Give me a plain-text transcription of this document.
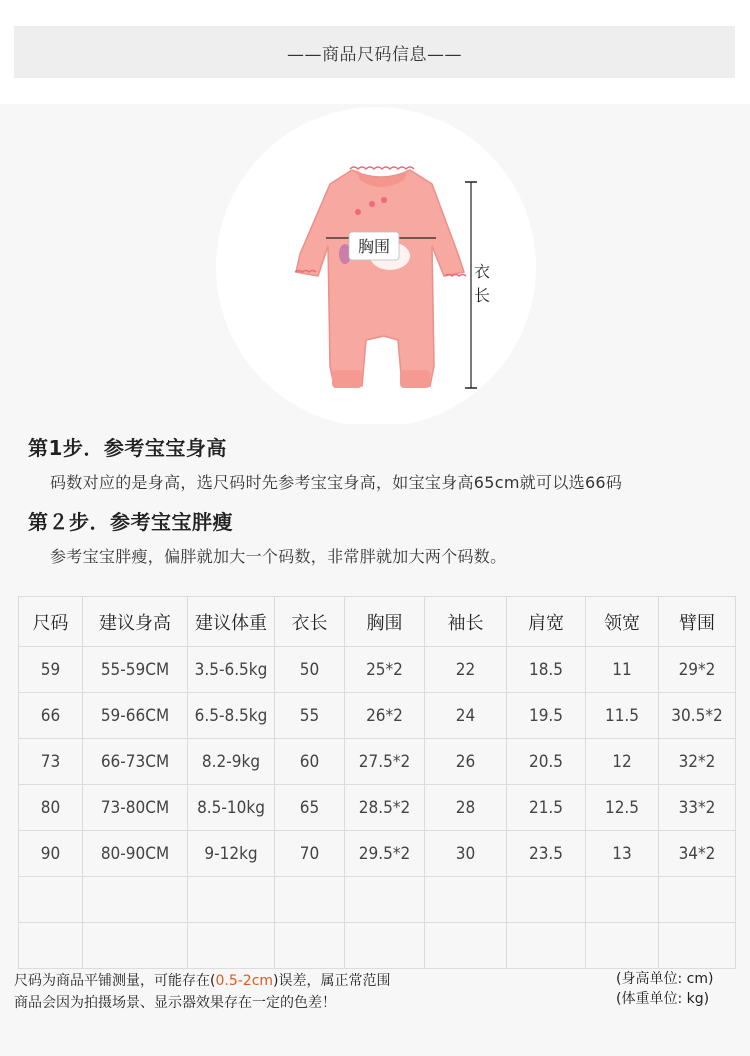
——商品尺码信息——
胸围
衣
长
第1步．参考宝宝身高
码数对应的是身高，选尺码时先参考宝宝身高，如宝宝身高65cm就可以选66码
第２步．参考宝宝胖瘦
参考宝宝胖瘦，偏胖就加大一个码数，非常胖就加大两个码数。
尺码	建议身高	建议体重	衣长	胸围	袖长	肩宽	领宽	臂围
59	55-59CM	3.5-6.5kg	50	25*2	22	18.5	11	29*2
66	59-66CM	6.5-8.5kg	55	26*2	24	19.5	11.5	30.5*2
73	66-73CM	8.2-9kg	60	27.5*2	26	20.5	12	32*2
80	73-80CM	8.5-10kg	65	28.5*2	28	21.5	12.5	33*2
90	80-90CM	9-12kg	70	29.5*2	30	23.5	13	34*2

尺码为商品平铺测量，可能存在(0.5-2cm)误差，属正常范围
商品会因为拍摄场景、显示器效果存在一定的色差！
(身高单位: cm)
(体重单位: kg)
